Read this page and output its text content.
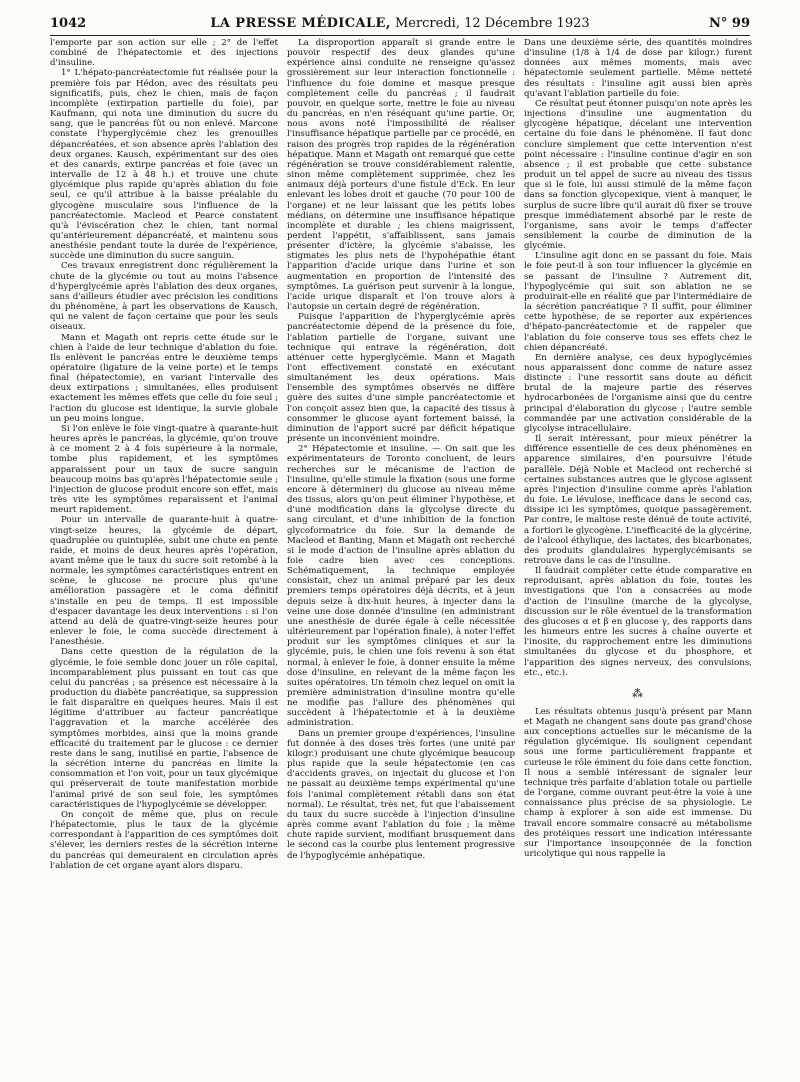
1042	LA PRESSE MÉDICALE, Mercredi, 12 Décembre 1923	N° 99

l'emporte par son action sur elle ; 2° de l'effet combiné de l'hépatectomie et des injections d'insuline.

1° L'hépato-pancréatectomie fut réalisée pour la première fois par Hédon, avec des résultats peu significatifs, puis, chez le chien, mais de façon incomplète (extirpation partielle du foie), par Kaufmann, qui nota une diminution du sucre du sang, que le pancréas fût ou non enlevé. Marcone constate l'hyperglycémie chez les grenouilles dépancréatées, et son absence après l'ablation des deux organes. Kausch, expérimentant sur des oies et des canards, extirpe pancréas et foie (avec un intervalle de 12 à 48 h.) et trouve une chute glycémique plus rapide qu'après ablation du foie seul, ce qu'il attribue à la baisse préalable du glycogène musculaire sous l'influence de la pancréatectomie. Macleod et Pearce constatent qu'à l'éviscération chez le chien, tant normal qu'antérieurement dépancréaté, et maintenu sous anesthésie pendant toute la durée de l'expérience, succède une diminution du sucre sanguin.

Ces travaux enregistrent donc régulièrement la chute de la glycémie ou tout au moins l'absence d'hyperglycémie après l'ablation des deux organes, sans d'ailleurs étudier avec précision les conditions du phénomène, à part les observations de Kausch, qui ne valent de façon certaine que pour les seuls oiseaux.

Mann et Magath ont repris cette étude sur le chien à l'aide de leur technique d'ablation du foie. Ils enlèvent le pancréas entre le deuxième temps opératoire (ligature de la veine porte) et le temps final (hépatectomie), en variant l'intervalle des deux extirpations ; simultanées, elles produisent exactement les mêmes effets que celle du foie seul ; l'action du glucose est identique, la survie globale un peu moins longue.

Si l'on enlève le foie vingt-quatre à quarante-huit heures après le pancréas, la glycémie, qu'on trouve à ce moment 2 à 4 fois supérieure à la normale, tombe plus rapidement, et les symptômes apparaissent pour un taux de sucre sanguin beaucoup moins bas qu'après l'hépatectomie seule ; l'injection de glucose produit encore son effet, mais très vite les symptômes reparaissent et l'animal meurt rapidement.

Pour un intervalle de quarante-huit à quatre-vingt-seize heures, la glycémie de départ, quadruplée ou quintuplée, subit une chute en pente raide, et moins de deux heures après l'opération, avant même que le taux du sucre soit retombé à la normale, les symptômes caractéristiques entrent en scène, le glucose ne procure plus qu'une amélioration passagère et le coma définitif s'installe en peu de temps. Il est impossible d'espacer davantage les deux interventions : si l'on attend au delà de quatre-vingt-seize heures pour enlever le foie, le coma succède directement à l'anesthésie.

Dans cette question de la régulation de la glycémie, le foie semble donc jouer un rôle capital, incomparablement plus puissant en tout cas que celui du pancréas ; sa présence est nécessaire à la production du diabète pancréatique, sa suppression le fait disparaître en quelques heures. Mais il est légitime d'attribuer au facteur pancréatique l'aggravation et la marche accélérée des symptômes morbides, ainsi que la moins grande efficacité du traitement par le glucose : ce dernier reste dans le sang, inutilisé en partie, l'absence de la sécrétion interne du pancréas en limite la consommation et l'on voit, pour un taux glycémique qui préserverait de toute manifestation morbide l'animal privé de son seul foie, les symptômes caractéristiques de l'hypoglycémie se développer.

On conçoit de même que, plus on recule l'hépatectomie, plus le taux de la glycémie correspondant à l'apparition de ces symptômes doit s'élever, les derniers restes de la sécrétion interne du pancréas qui demeuraient en circulation après l'ablation de cet organe ayant alors disparu.

La disproportion apparaît si grande entre le pouvoir respectif des deux glandes qu'une expérience ainsi conduite ne renseigne qu'assez grossièrement sur leur interaction fonctionnelle : l'influence du foie domine et masque presque complètement celle du pancréas ; il faudrait pouvoir, en quelque sorte, mettre le foie au niveau du pancréas, en n'en réséquant qu'une partie. Or, nous avons noté l'impossibilité de réaliser l'insuffisance hépatique partielle par ce procédé, en raison des progrès trop rapides de la régénération hépatique. Mann et Magath ont remarqué que cette régénération se trouve considérablement ralentie, sinon même complètement supprimée, chez les animaux déjà porteurs d'une fistule d'Eck. En leur enlevant les lobes droit et gauche (70 pour 100 de l'organe) et ne leur laissant que les petits lobes médians, on détermine une insuffisance hépatique incomplète et durable ; les chiens maigrissent, perdent l'appétit, s'affaiblissent, sans jamais présenter d'ictère, la glycémie s'abaisse, les stigmates les plus nets de l'hypohépathie étant l'apparition d'acide urique dans l'urine et son augmentation en proportion de l'intensité des symptômes. La guérison peut survenir à la longue, l'acide urique disparaît et l'on trouve alors à l'autopsie un certain degré de régénération.

Puisque l'apparition de l'hyperglycémie après pancréatectomie dépend de la présence du foie, l'ablation partielle de l'organe, suivant une technique qui entrave la régénération, doit atténuer cette hyperglycémie. Mann et Magath l'ont effectivement constaté en exécutant simultanément les deux opérations. Mais l'ensemble des symptômes observés ne diffère guère des suites d'une simple pancréatectomie et l'on conçoit assez bien que, la capacité des tissus à consommer le glucose ayant fortement baissé, la diminution de l'apport sucré par déficit hépatique présente un inconvénient moindre.

2° Hépatectomie et insuline. — On sait que les expérimentateurs de Toronto concluent, de leurs recherches sur le mécanisme de l'action de l'insuline, qu'elle stimule la fixation (sous une forme encore à déterminer) du glucose au niveau même des tissus, alors qu'on peut éliminer l'hypothèse, et d'une modification dans la glycolyse directe du sang circulant, et d'une inhibition de la fonction glycoformatrice du foie. Sur la demande de Macleod et Banting, Mann et Magath ont recherché si le mode d'action de l'insuline après ablation du foie cadre bien avec ces conceptions. Schématiquement, la technique employée consistait, chez un animal préparé par les deux premiers temps opératoires déjà décrits, et à jeun depuis seize à dix-huit heures, à injecter dans la veine une dose donnée d'insuline (en administrant une anesthésie de durée égale à celle nécessitée ultérieurement par l'opération finale), à noter l'effet produit sur les symptômes cliniques et sur la glycémie, puis, le chien une fois revenu à son état normal, à enlever le foie, à donner ensuite la même dose d'insuline, en relevant de la même façon les suites opératoires. Un témoin chez lequel on omit la première administration d'insuline montra qu'elle ne modifie pas l'allure des phénomènes qui succèdent à l'hépatectomie et à la deuxième administration.

Dans un premier groupe d'expériences, l'insuline fut donnée à des doses très fortes (une unité par kilogr.) produisant une chute glycémique beaucoup plus rapide que la seule hépatectomie (en cas d'accidents graves, on injectait du glucose et l'on ne passait au deuxième temps expérimental qu'une fois l'animal complètement rétabli dans son état normal). Le résultat, très net, fut que l'abaissement du taux du sucre succède à l'injection d'insuline après comme avant l'ablation du foie ; la même chute rapide survient, modifiant brusquement dans le second cas la courbe plus lentement progressive de l'hypoglycémie anhépatique.

Dans une deuxième série, des quantités moindres d'insuline (1/8 à 1/4 de dose par kilogr.) furent données aux mêmes moments, mais avec hépatectomie seulement partielle. Même netteté des résultats : l'insuline agit aussi bien après qu'avant l'ablation partielle du foie.

Ce résultat peut étonner puisqu'on note après les injections d'insuline une augmentation du glycogène hépatique, décelant une intervention certaine du foie dans le phénomène. Il faut donc conclure simplement que cette intervention n'est point nécessaire : l'insuline continue d'agir en son absence ; il est probable que cette substance produit un tel appel de sucre au niveau des tissus que si le foie, lui aussi stimulé de la même façon dans sa fonction glycopexique, vient à manquer, le surplus de sucre libre qu'il aurait dû fixer se trouve presque immédiatement absorbé par le reste de l'organisme, sans avoir le temps d'affecter sensiblement la courbe de diminution de la glycémie.

L'insuline agit donc en se passant du foie. Mais le foie peut-il à son tour influencer la glycémie en se passant de l'insuline ? Autrement dit, l'hypoglycémie qui suit son ablation ne se produirait-elle en réalité que par l'intermédiaire de la sécrétion pancréatique ? Il suffit, pour éliminer cette hypothèse, de se reporter aux expériences d'hépato-pancréatectomie et de rappeler que l'ablation du foie conserve tous ses effets chez le chien dépancréaté.

En dernière analyse, ces deux hypoglycémies nous apparaissent donc comme de nature assez distincte : l'une ressortit sans doute au déficit brutal de la majeure partie des réserves hydrocarbonées de l'organisme ainsi que du centre principal d'élaboration du glycose ; l'autre semble commandée par une activation considérable de la glycolyse intracellulaire.

Il serait intéressant, pour mieux pénétrer la différence essentielle de ces deux phénomènes en apparence similaires, d'en poursuivre l'étude parallèle. Déjà Noble et Macleod ont recherché si certaines substances autres que le glycose agissent après l'injection d'insuline comme après l'ablation du foie. Le lévulose, inefficace dans le second cas, dissipe ici les symptômes, quoique passagèrement. Par contre, le maltose reste dénué de toute activité, a fortiori le glycogène. L'inefficacité de la glycérine, de l'alcool éthylique, des lactates, des bicarbonates, des produits glandulaires hyperglycémisants se retrouve dans le cas de l'insuline.

Il faudrait compléter cette étude comparative en reproduisant, après ablation du foie, toutes les investigations que l'on a consacrées au mode d'action de l'insuline (marche de la glycolyse, discussion sur le rôle éventuel de la transformation des glucoses α et β en glucose γ, des rapports dans les humeurs entre les sucres à chaîne ouverte et l'inosite, du rapprochement entre les diminutions simultanées du glycose et du phosphore, et l'apparition des signes nerveux, des convulsions, etc., etc.).

⁂

Les résultats obtenus jusqu'à présent par Mann et Magath ne changent sans doute pas grand'chose aux conceptions actuelles sur le mécanisme de la régulation glycémique. Ils soulignent cependant sous une forme particulièrement frappante et curieuse le rôle éminent du foie dans cette fonction. Il nous a semblé intéressant de signaler leur technique très parfaite d'ablation totale ou partielle de l'organe, comme ouvrant peut-être la voie à une connaissance plus précise de sa physiologie. Le champ à explorer à son aide est immense. Du travail encore sommaire consacré au métabolisme des protéiques ressort une indication intéressante sur l'importance insoupçonnée de la fonction uricolytique qui nous rappelle la
